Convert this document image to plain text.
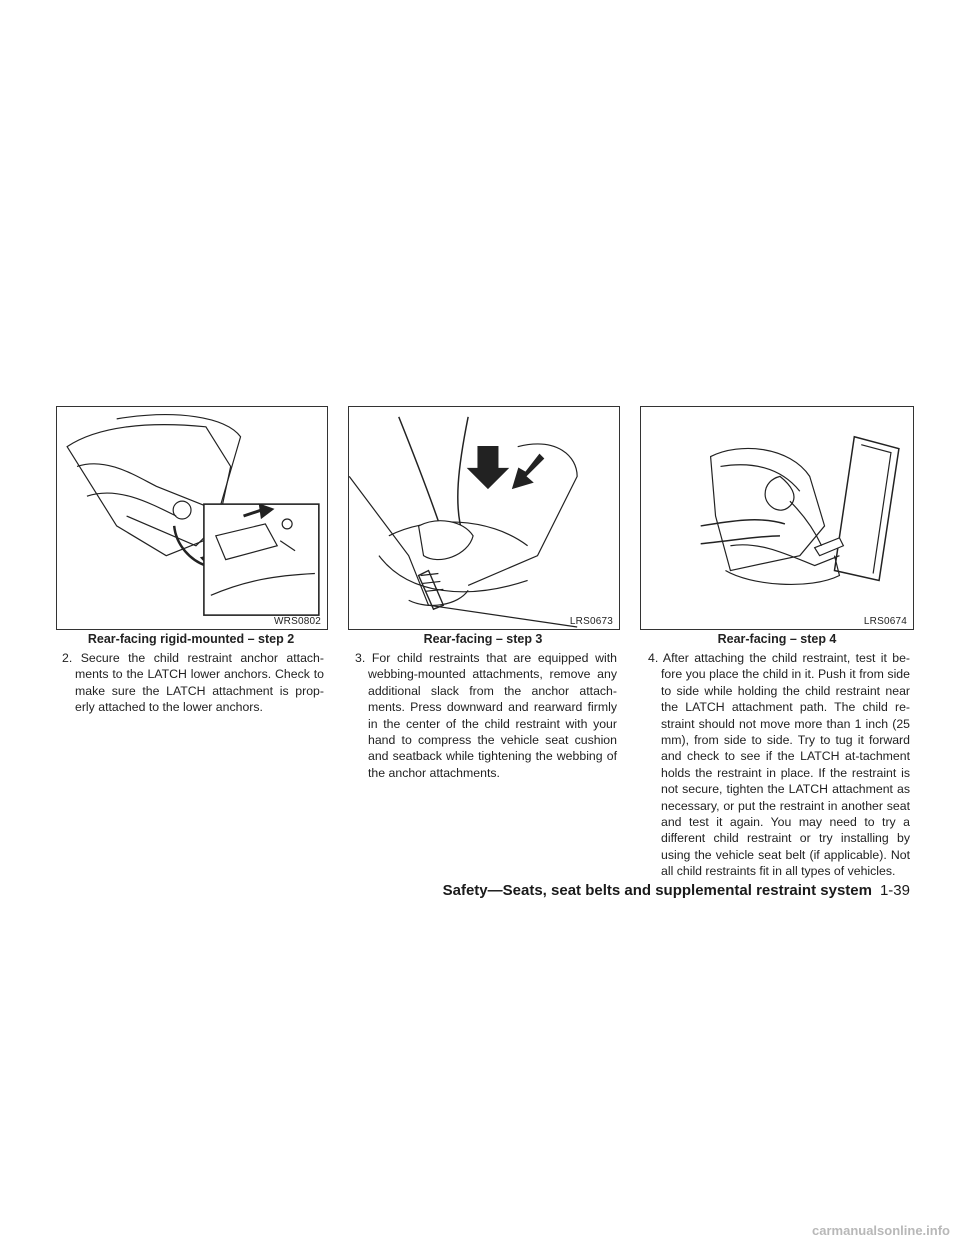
WRS0802	LRS0673	LRS0674
Rear-facing rigid-mounted – step 2	Rear-facing – step 3	Rear-facing – step 4
2. Secure the child restraint anchor attach-ments to the LATCH lower anchors. Check to make sure the LATCH attachment is prop-erly attached to the lower anchors.
3. For child restraints that are equipped with webbing-mounted attachments, remove any additional slack from the anchor attach-ments. Press downward and rearward firmly in the center of the child restraint with your hand to compress the vehicle seat cushion and seatback while tightening the webbing of the anchor attachments.
4. After attaching the child restraint, test it be-fore you place the child in it. Push it from side to side while holding the child restraint near the LATCH attachment path. The child re-straint should not move more than 1 inch (25 mm), from side to side. Try to tug it forward and check to see if the LATCH at-tachment holds the restraint in place. If the restraint is not secure, tighten the LATCH attachment as necessary, or put the restraint in another seat and test it again. You may need to try a different child restraint or try installing by using the vehicle seat belt (if applicable). Not all child restraints fit in all types of vehicles.
Safety—Seats, seat belts and supplemental restraint system 1-39
carmanualsonline.info
